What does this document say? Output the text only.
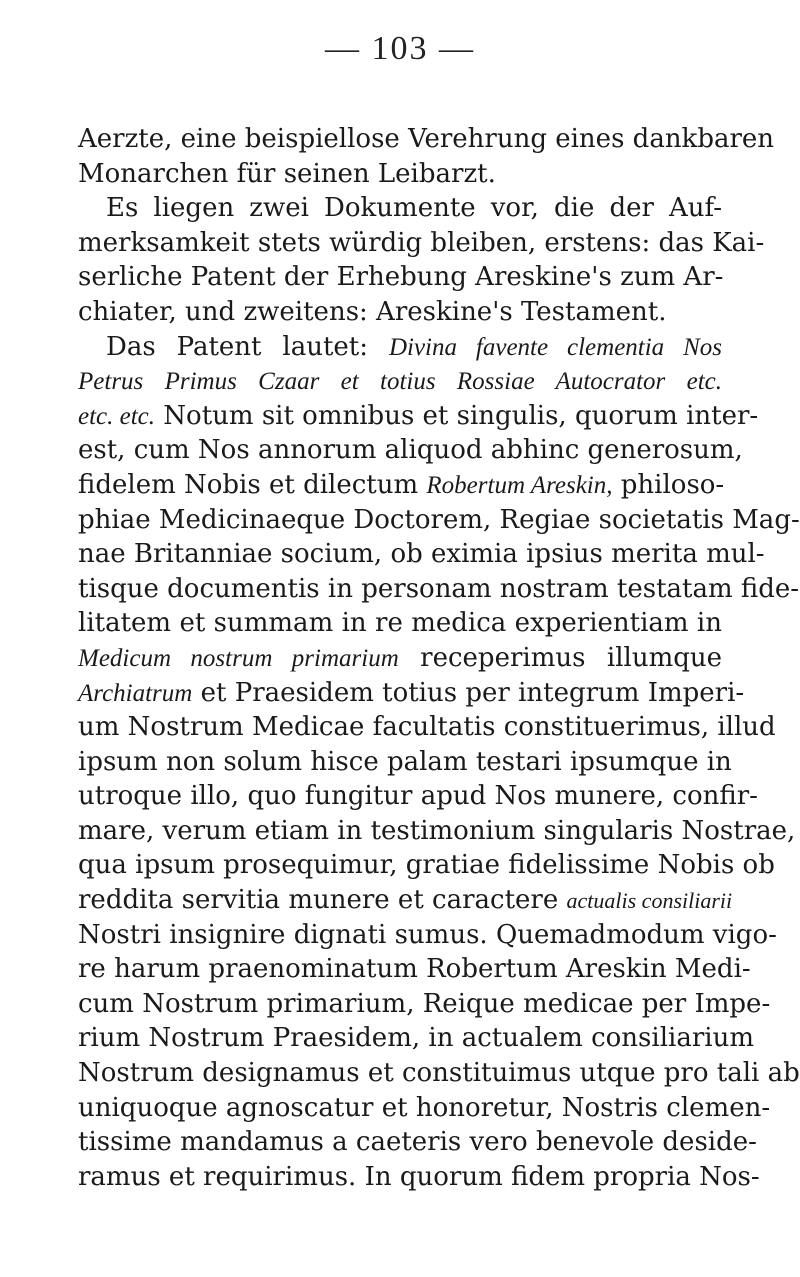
— 103 —
Aerzte, eine beispiellose Verehrung eines dankbaren
Monarchen für seinen Leibarzt.
Es liegen zwei Dokumente vor, die der Auf-
merksamkeit stets würdig bleiben, erstens: das Kai-
serliche Patent der Erhebung Areskine's zum Ar-
chiater, und zweitens: Areskine's Testament.
Das Patent lautet: Divina favente clementia Nos
Petrus Primus Czaar et totius Rossiae Autocrator etc.
etc. etc. Notum sit omnibus et singulis, quorum inter-
est, cum Nos annorum aliquod abhinc generosum,
fidelem Nobis et dilectum Robertum Areskin, philoso-
phiae Medicinaeque Doctorem, Regiae societatis Mag-
nae Britanniae socium, ob eximia ipsius merita mul-
tisque documentis in personam nostram testatam fide-
litatem et summam in re medica experientiam in
Medicum nostrum primarium receperimus illumque
Archiatrum et Praesidem totius per integrum Imperi-
um Nostrum Medicae facultatis constituerimus, illud
ipsum non solum hisce palam testari ipsumque in
utroque illo, quo fungitur apud Nos munere, confir-
mare, verum etiam in testimonium singularis Nostrae,
qua ipsum prosequimur, gratiae fidelissime Nobis ob
reddita servitia munere et caractere actualis consiliarii
Nostri insignire dignati sumus. Quemadmodum vigo-
re harum praenominatum Robertum Areskin Medi-
cum Nostrum primarium, Reique medicae per Impe-
rium Nostrum Praesidem, in actualem consiliarium
Nostrum designamus et constituimus utque pro tali ab
uniquoque agnoscatur et honoretur, Nostris clemen-
tissime mandamus a caeteris vero benevole deside-
ramus et requirimus. In quorum fidem propria Nos-
